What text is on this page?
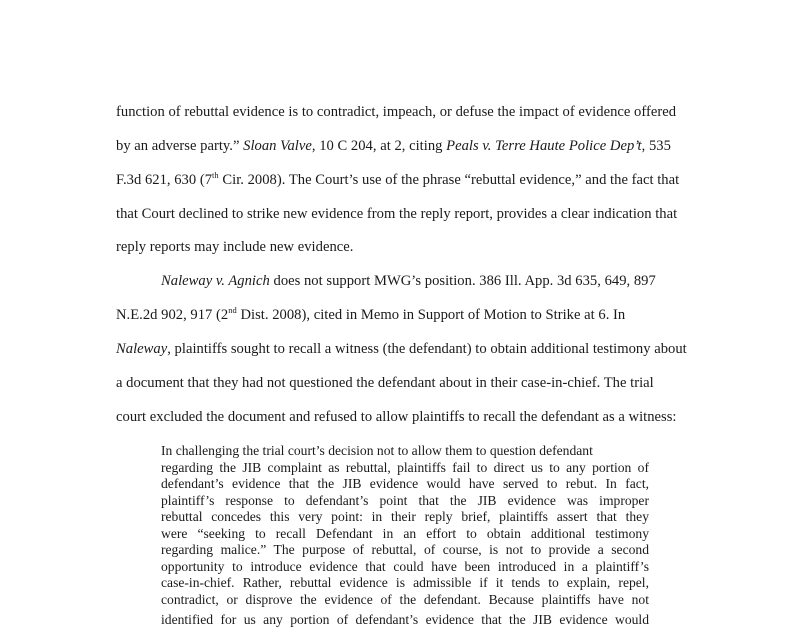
function of rebuttal evidence is to contradict, impeach, or defuse the impact of evidence offered
by an adverse party.” Sloan Valve, 10 C 204, at 2, citing Peals v. Terre Haute Police Dep’t, 535
F.3d 621, 630 (7th Cir. 2008). The Court’s use of the phrase “rebuttal evidence,” and the fact that
that Court declined to strike new evidence from the reply report, provides a clear indication that
reply reports may include new evidence.
Naleway v. Agnich does not support MWG’s position. 386 Ill. App. 3d 635, 649, 897
N.E.2d 902, 917 (2nd Dist. 2008), cited in Memo in Support of Motion to Strike at 6. In
Naleway, plaintiffs sought to recall a witness (the defendant) to obtain additional testimony about
a document that they had not questioned the defendant about in their case-in-chief. The trial
court excluded the document and refused to allow plaintiffs to recall the defendant as a witness:
In challenging the trial court’s decision not to allow them to question defendant
regarding the JIB complaint as rebuttal, plaintiffs fail to direct us to any portion of
defendant’s evidence that the JIB evidence would have served to rebut. In fact,
plaintiff’s response to defendant’s point that the JIB evidence was improper
rebuttal concedes this very point: in their reply brief, plaintiffs assert that they
were “seeking to recall Defendant in an effort to obtain additional testimony
regarding malice.” The purpose of rebuttal, of course, is not to provide a second
opportunity to introduce evidence that could have been introduced in a plaintiff’s
case-in-chief. Rather, rebuttal evidence is admissible if it tends to explain, repel,
contradict, or disprove the evidence of the defendant. Because plaintiffs have not
identified for us any portion of defendant’s evidence that the JIB evidence would
